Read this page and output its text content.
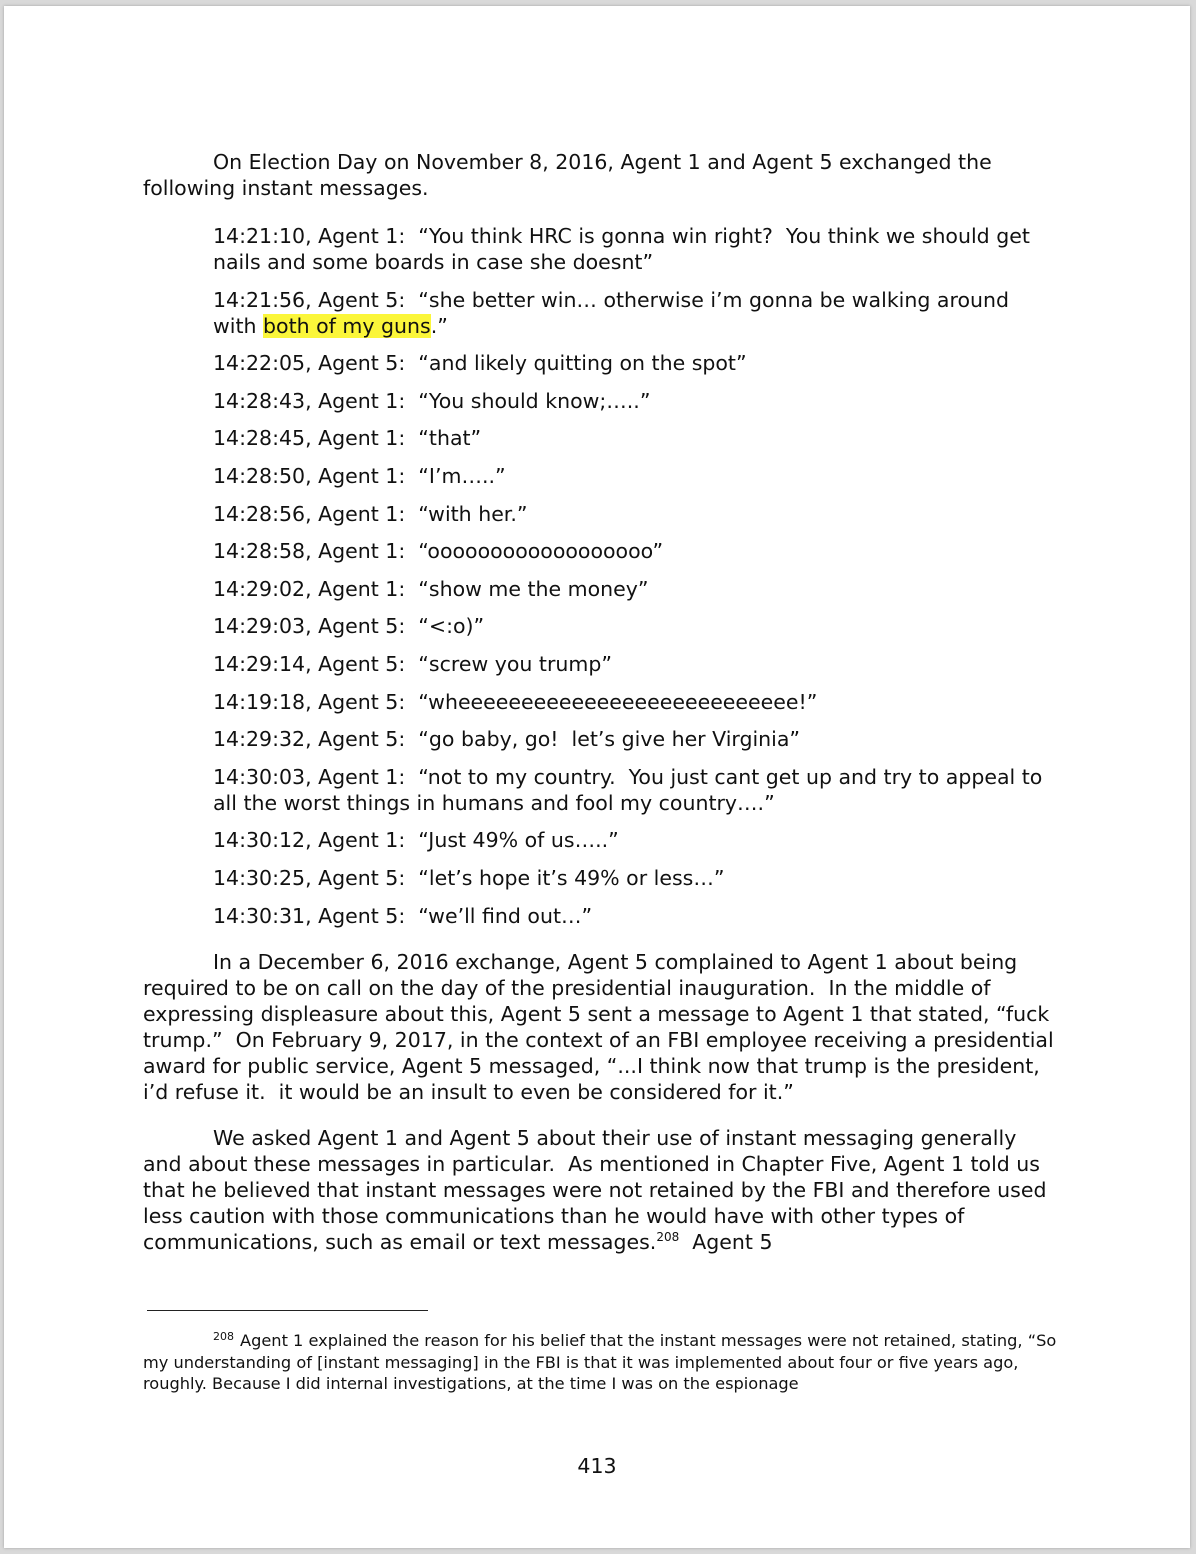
On Election Day on November 8, 2016, Agent 1 and Agent 5 exchanged the following instant messages.

14:21:10, Agent 1: “You think HRC is gonna win right?  You think we should get nails and some boards in case she doesnt”
14:21:56, Agent 5: “she better win… otherwise i’m gonna be walking around with both of my guns.”
14:22:05, Agent 5: “and likely quitting on the spot”
14:28:43, Agent 1: “You should know;…..”
14:28:45, Agent 1: “that”
14:28:50, Agent 1: “I’m…..”
14:28:56, Agent 1: “with her.”
14:28:58, Agent 1: “oooooooooooooooooo”
14:29:02, Agent 1: “show me the money”
14:29:03, Agent 5: “<:o)”
14:29:14, Agent 5: “screw you trump”
14:19:18, Agent 5: “wheeeeeeeeeeeeeeeeeeeeeeeeeee!”
14:29:32, Agent 5: “go baby, go!  let’s give her Virginia”
14:30:03, Agent 1: “not to my country.  You just cant get up and try to appeal to all the worst things in humans and fool my country….”
14:30:12, Agent 1: “Just 49% of us…..”
14:30:25, Agent 5: “let’s hope it’s 49% or less…”
14:30:31, Agent 5: “we’ll find out…”

In a December 6, 2016 exchange, Agent 5 complained to Agent 1 about being required to be on call on the day of the presidential inauguration.  In the middle of expressing displeasure about this, Agent 5 sent a message to Agent 1 that stated, “fuck trump.”  On February 9, 2017, in the context of an FBI employee receiving a presidential award for public service, Agent 5 messaged, “...I think now that trump is the president, i’d refuse it.  it would be an insult to even be considered for it.”

We asked Agent 1 and Agent 5 about their use of instant messaging generally and about these messages in particular.  As mentioned in Chapter Five, Agent 1 told us that he believed that instant messages were not retained by the FBI and therefore used less caution with those communications than he would have with other types of communications, such as email or text messages.$^{208}$  Agent 5

$^{208}$ Agent 1 explained the reason for his belief that the instant messages were not retained, stating, “So my understanding of [instant messaging] in the FBI is that it was implemented about four or five years ago, roughly. Because I did internal investigations, at the time I was on the espionage

413
